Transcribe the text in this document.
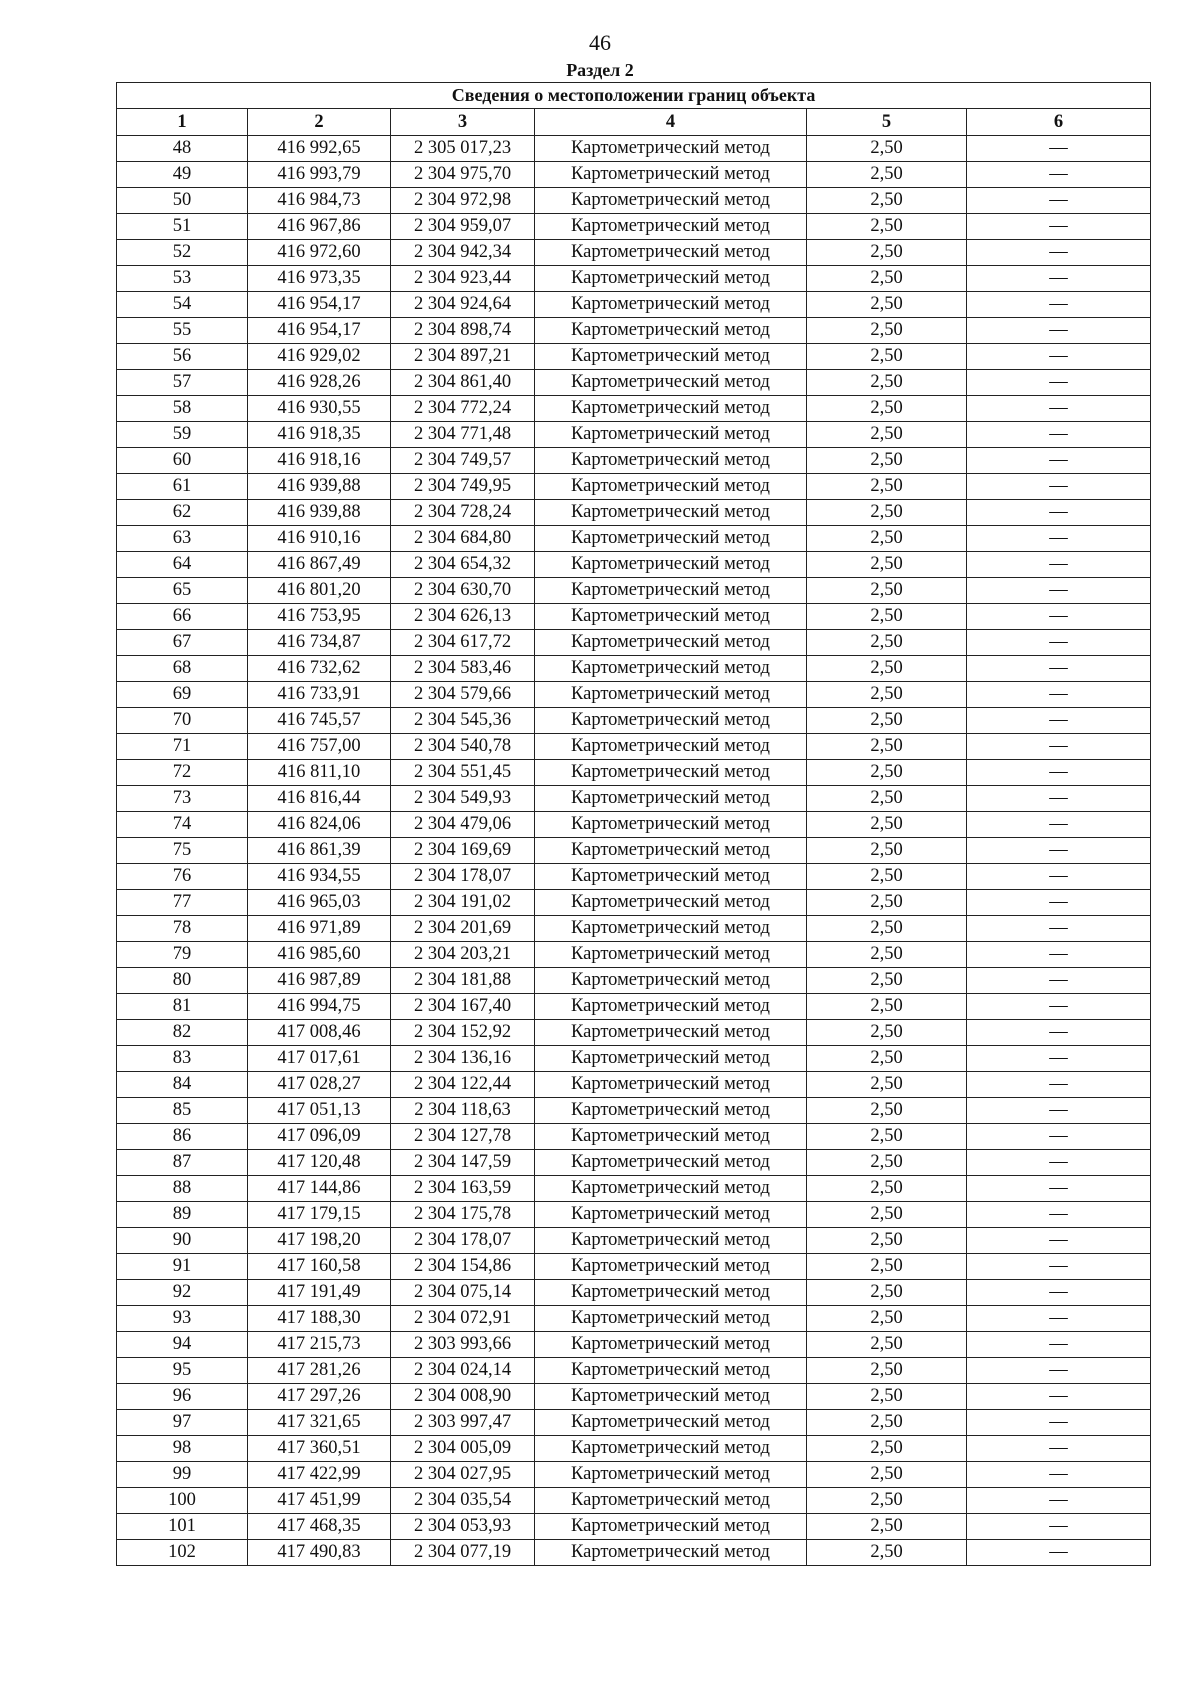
46
Раздел 2
Сведения о местоположении границ объекта					
1	2	3	4	5	6
48	416 992,65	2 305 017,23	Картометрический метод	2,50	—
49	416 993,79	2 304 975,70	Картометрический метод	2,50	—
50	416 984,73	2 304 972,98	Картометрический метод	2,50	—
51	416 967,86	2 304 959,07	Картометрический метод	2,50	—
52	416 972,60	2 304 942,34	Картометрический метод	2,50	—
53	416 973,35	2 304 923,44	Картометрический метод	2,50	—
54	416 954,17	2 304 924,64	Картометрический метод	2,50	—
55	416 954,17	2 304 898,74	Картометрический метод	2,50	—
56	416 929,02	2 304 897,21	Картометрический метод	2,50	—
57	416 928,26	2 304 861,40	Картометрический метод	2,50	—
58	416 930,55	2 304 772,24	Картометрический метод	2,50	—
59	416 918,35	2 304 771,48	Картометрический метод	2,50	—
60	416 918,16	2 304 749,57	Картометрический метод	2,50	—
61	416 939,88	2 304 749,95	Картометрический метод	2,50	—
62	416 939,88	2 304 728,24	Картометрический метод	2,50	—
63	416 910,16	2 304 684,80	Картометрический метод	2,50	—
64	416 867,49	2 304 654,32	Картометрический метод	2,50	—
65	416 801,20	2 304 630,70	Картометрический метод	2,50	—
66	416 753,95	2 304 626,13	Картометрический метод	2,50	—
67	416 734,87	2 304 617,72	Картометрический метод	2,50	—
68	416 732,62	2 304 583,46	Картометрический метод	2,50	—
69	416 733,91	2 304 579,66	Картометрический метод	2,50	—
70	416 745,57	2 304 545,36	Картометрический метод	2,50	—
71	416 757,00	2 304 540,78	Картометрический метод	2,50	—
72	416 811,10	2 304 551,45	Картометрический метод	2,50	—
73	416 816,44	2 304 549,93	Картометрический метод	2,50	—
74	416 824,06	2 304 479,06	Картометрический метод	2,50	—
75	416 861,39	2 304 169,69	Картометрический метод	2,50	—
76	416 934,55	2 304 178,07	Картометрический метод	2,50	—
77	416 965,03	2 304 191,02	Картометрический метод	2,50	—
78	416 971,89	2 304 201,69	Картометрический метод	2,50	—
79	416 985,60	2 304 203,21	Картометрический метод	2,50	—
80	416 987,89	2 304 181,88	Картометрический метод	2,50	—
81	416 994,75	2 304 167,40	Картометрический метод	2,50	—
82	417 008,46	2 304 152,92	Картометрический метод	2,50	—
83	417 017,61	2 304 136,16	Картометрический метод	2,50	—
84	417 028,27	2 304 122,44	Картометрический метод	2,50	—
85	417 051,13	2 304 118,63	Картометрический метод	2,50	—
86	417 096,09	2 304 127,78	Картометрический метод	2,50	—
87	417 120,48	2 304 147,59	Картометрический метод	2,50	—
88	417 144,86	2 304 163,59	Картометрический метод	2,50	—
89	417 179,15	2 304 175,78	Картометрический метод	2,50	—
90	417 198,20	2 304 178,07	Картометрический метод	2,50	—
91	417 160,58	2 304 154,86	Картометрический метод	2,50	—
92	417 191,49	2 304 075,14	Картометрический метод	2,50	—
93	417 188,30	2 304 072,91	Картометрический метод	2,50	—
94	417 215,73	2 303 993,66	Картометрический метод	2,50	—
95	417 281,26	2 304 024,14	Картометрический метод	2,50	—
96	417 297,26	2 304 008,90	Картометрический метод	2,50	—
97	417 321,65	2 303 997,47	Картометрический метод	2,50	—
98	417 360,51	2 304 005,09	Картометрический метод	2,50	—
99	417 422,99	2 304 027,95	Картометрический метод	2,50	—
100	417 451,99	2 304 035,54	Картометрический метод	2,50	—
101	417 468,35	2 304 053,93	Картометрический метод	2,50	—
102	417 490,83	2 304 077,19	Картометрический метод	2,50	—
